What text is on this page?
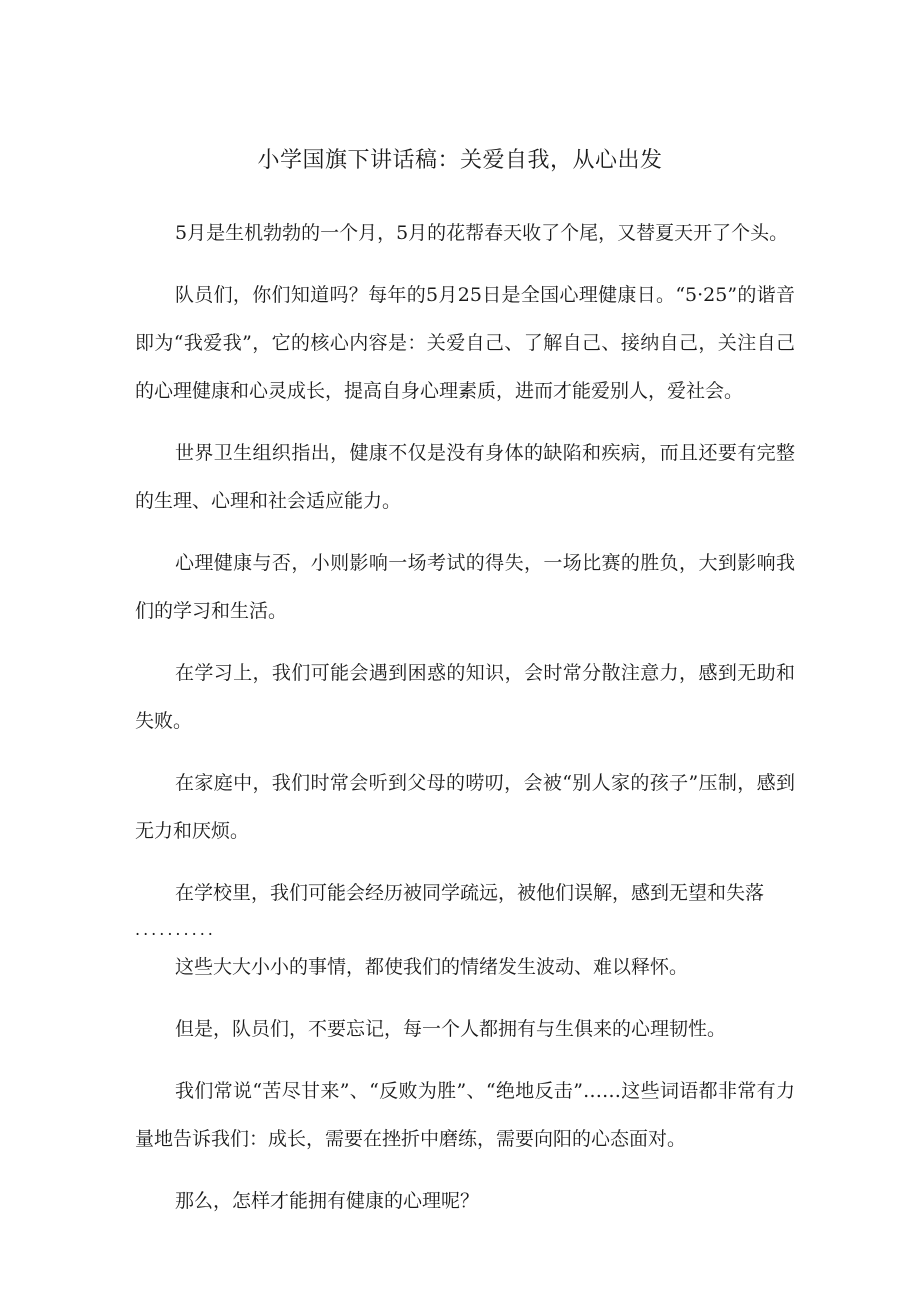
小学国旗下讲话稿：关爱自我，从心出发

5月是生机勃勃的一个月，5月的花帮春天收了个尾，又替夏天开了个头。

队员们，你们知道吗？每年的5月25日是全国心理健康日。“5·25”的谐音即为“我爱我”，它的核心内容是：关爱自己、了解自己、接纳自己，关注自己的心理健康和心灵成长，提高自身心理素质，进而才能爱别人，爱社会。

世界卫生组织指出，健康不仅是没有身体的缺陷和疾病，而且还要有完整的生理、心理和社会适应能力。

心理健康与否，小则影响一场考试的得失，一场比赛的胜负，大到影响我们的学习和生活。

在学习上，我们可能会遇到困惑的知识，会时常分散注意力，感到无助和失败。

在家庭中，我们时常会听到父母的唠叨，会被“别人家的孩子”压制，感到无力和厌烦。

在学校里，我们可能会经历被同学疏远，被他们误解，感到无望和失落

..........

这些大大小小的事情，都使我们的情绪发生波动、难以释怀。

但是，队员们，不要忘记，每一个人都拥有与生俱来的心理韧性。

我们常说“苦尽甘来”、“反败为胜”、“绝地反击”……这些词语都非常有力量地告诉我们：成长，需要在挫折中磨练，需要向阳的心态面对。

那么，怎样才能拥有健康的心理呢？
